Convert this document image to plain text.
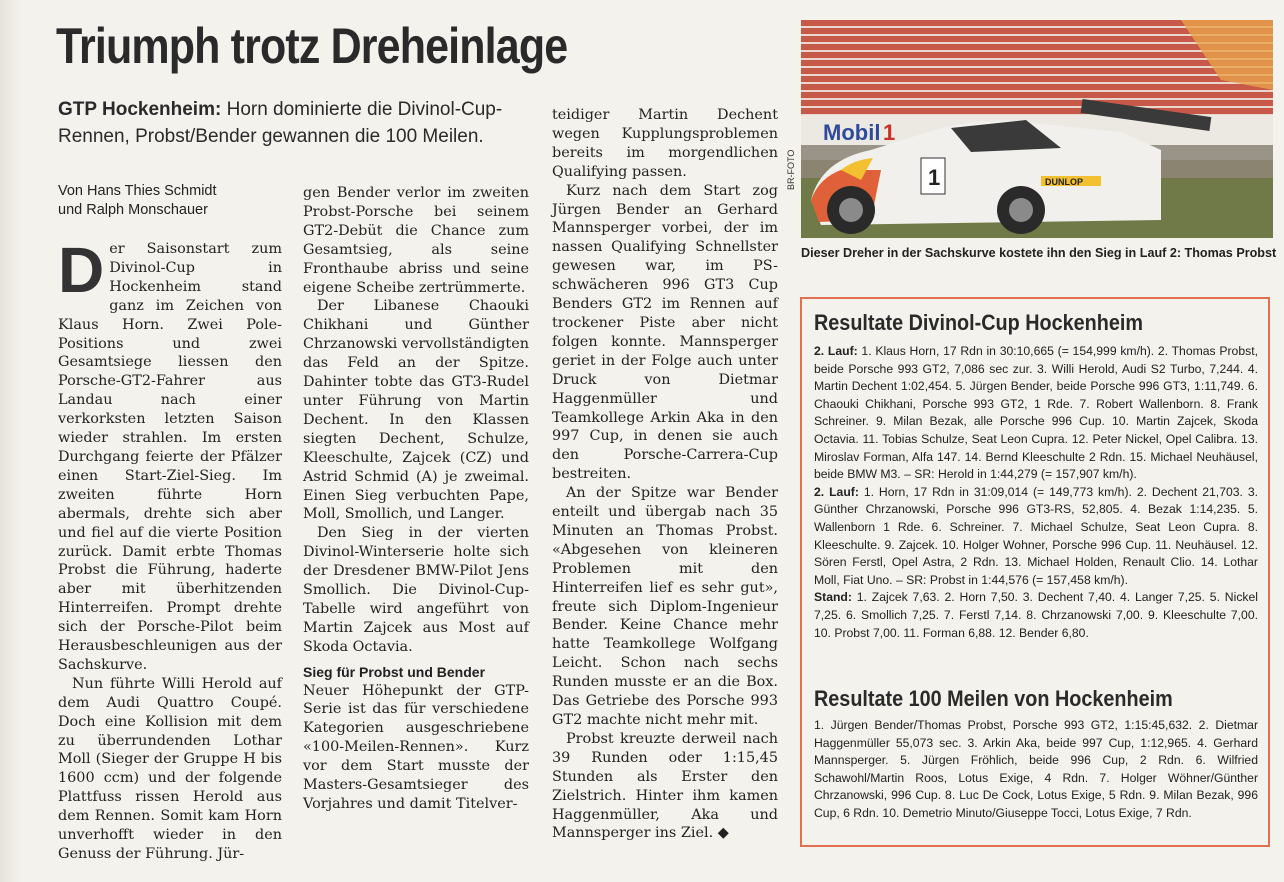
Triumph trotz Dreheinlage
GTP Hockenheim: Horn dominierte die Divinol-Cup-Rennen, Probst/Bender gewannen die 100 Meilen.
Von Hans Thies Schmidt
und Ralph Monschauer

Der Saisonstart zum Divinol-Cup in Hockenheim stand ganz im Zeichen von Klaus Horn. Zwei Pole-Positions und zwei Gesamtsiege liessen den Porsche-GT2-Fahrer aus Landau nach einer verkorksten letzten Saison wieder strahlen. Im ersten Durchgang feierte der Pfälzer einen Start-Ziel-Sieg. Im zweiten führte Horn abermals, drehte sich aber und fiel auf die vierte Position zurück. Damit erbte Thomas Probst die Führung, haderte aber mit überhitzenden Hinterreifen. Prompt drehte sich der Porsche-Pilot beim Herausbeschleunigen aus der Sachskurve.

Nun führte Willi Herold auf dem Audi Quattro Coupé. Doch eine Kollision mit dem zu überrundenden Lothar Moll (Sieger der Gruppe H bis 1600 ccm) und der folgende Plattfuss rissen Herold aus dem Rennen. Somit kam Horn unverhofft wieder in den Genuss der Führung. Jür-

gen Bender verlor im zweiten Probst-Porsche bei seinem GT2-Debüt die Chance zum Gesamtsieg, als seine Fronthaube abriss und seine eigene Scheibe zertrümmerte.

Der Libanese Chaouki Chikhani und Günther Chrzanowski vervollständigten das Feld an der Spitze. Dahinter tobte das GT3-Rudel unter Führung von Martin Dechent. In den Klassen siegten Dechent, Schulze, Kleeschulte, Zajcek (CZ) und Astrid Schmid (A) je zweimal. Einen Sieg verbuchten Pape, Moll, Smollich, und Langer.

Den Sieg in der vierten Divinol-Winterserie holte sich der Dresdener BMW-Pilot Jens Smollich. Die Divinol-Cup-Tabelle wird angeführt von Martin Zajcek aus Most auf Skoda Octavia.

Sieg für Probst und Bender

Neuer Höhepunkt der GTP-Serie ist das für verschiedene Kategorien ausgeschriebene «100-Meilen-Rennen». Kurz vor dem Start musste der Masters-Gesamtsieger des Vorjahres und damit Titelver-

teidiger Martin Dechent wegen Kupplungsproblemen bereits im morgendlichen Qualifying passen.

Kurz nach dem Start zog Jürgen Bender an Gerhard Mannsperger vorbei, der im nassen Qualifying Schnellster gewesen war, im PS-schwächeren 996 GT3 Cup Benders GT2 im Rennen auf trockener Piste aber nicht folgen konnte. Mannsperger geriet in der Folge auch unter Druck von Dietmar Haggenmüller und Teamkollege Arkin Aka in den 997 Cup, in denen sie auch den Porsche-Carrera-Cup bestreiten.

An der Spitze war Bender enteilt und übergab nach 35 Minuten an Thomas Probst. «Abgesehen von kleineren Problemen mit den Hinterreifen lief es sehr gut», freute sich Diplom-Ingenieur Bender. Keine Chance mehr hatte Teamkollege Wolfgang Leicht. Schon nach sechs Runden musste er an die Box. Das Getriebe des Porsche 993 GT2 machte nicht mehr mit.

Probst kreuzte derweil nach 39 Runden oder 1:15,45 Stunden als Erster den Zielstrich. Hinter ihm kamen Haggenmüller, Aka und Mannsperger ins Ziel. ◆

Mobil 1
1	DUNLOP
BR-FOTO
Dieser Dreher in der Sachskurve kostete ihn den Sieg in Lauf 2: Thomas Probst
Resultate Divinol-Cup Hockenheim

2. Lauf: 1. Klaus Horn, 17 Rdn in 30:10,665 (= 154,999 km/h). 2. Thomas Probst, beide Porsche 993 GT2, 7,086 sec zur. 3. Willi Herold, Audi S2 Turbo, 7,244. 4. Martin Dechent 1:02,454. 5. Jürgen Bender, beide Porsche 996 GT3, 1:11,749. 6. Chaouki Chikhani, Porsche 993 GT2, 1 Rde. 7. Robert Wallenborn. 8. Frank Schreiner. 9. Milan Bezak, alle Porsche 996 Cup. 10. Martin Zajcek, Skoda Octavia. 11. Tobias Schulze, Seat Leon Cupra. 12. Peter Nickel, Opel Calibra. 13. Miroslav Forman, Alfa 147. 14. Bernd Kleeschulte 2 Rdn. 15. Michael Neuhäusel, beide BMW M3. – SR: Herold in 1:44,279 (= 157,907 km/h).

2. Lauf: 1. Horn, 17 Rdn in 31:09,014 (= 149,773 km/h). 2. Dechent 21,703. 3. Günther Chrzanowski, Porsche 996 GT3-RS, 52,805. 4. Bezak 1:14,235. 5. Wallenborn 1 Rde. 6. Schreiner. 7. Michael Schulze, Seat Leon Cupra. 8. Kleeschulte. 9. Zajcek. 10. Holger Wohner, Porsche 996 Cup. 11. Neuhäusel. 12. Sören Ferstl, Opel Astra, 2 Rdn. 13. Michael Holden, Renault Clio. 14. Lothar Moll, Fiat Uno. – SR: Probst in 1:44,576 (= 157,458 km/h).

Stand: 1. Zajcek 7,63. 2. Horn 7,50. 3. Dechent 7,40. 4. Langer 7,25. 5. Nickel 7,25. 6. Smollich 7,25. 7. Ferstl 7,14. 8. Chrzanowski 7,00. 9. Kleeschulte 7,00. 10. Probst 7,00. 11. Forman 6,88. 12. Bender 6,80.

Resultate 100 Meilen von Hockenheim

1. Jürgen Bender/Thomas Probst, Porsche 993 GT2, 1:15:45,632. 2. Dietmar Haggenmüller 55,073 sec. 3. Arkin Aka, beide 997 Cup, 1:12,965. 4. Gerhard Mannsperger. 5. Jürgen Fröhlich, beide 996 Cup, 2 Rdn. 6. Wilfried Schawohl/Martin Roos, Lotus Exige, 4 Rdn. 7. Holger Wöhner/Günther Chrzanowski, 996 Cup. 8. Luc De Cock, Lotus Exige, 5 Rdn. 9. Milan Bezak, 996 Cup, 6 Rdn. 10. Demetrio Minuto/Giuseppe Tocci, Lotus Exige, 7 Rdn.
